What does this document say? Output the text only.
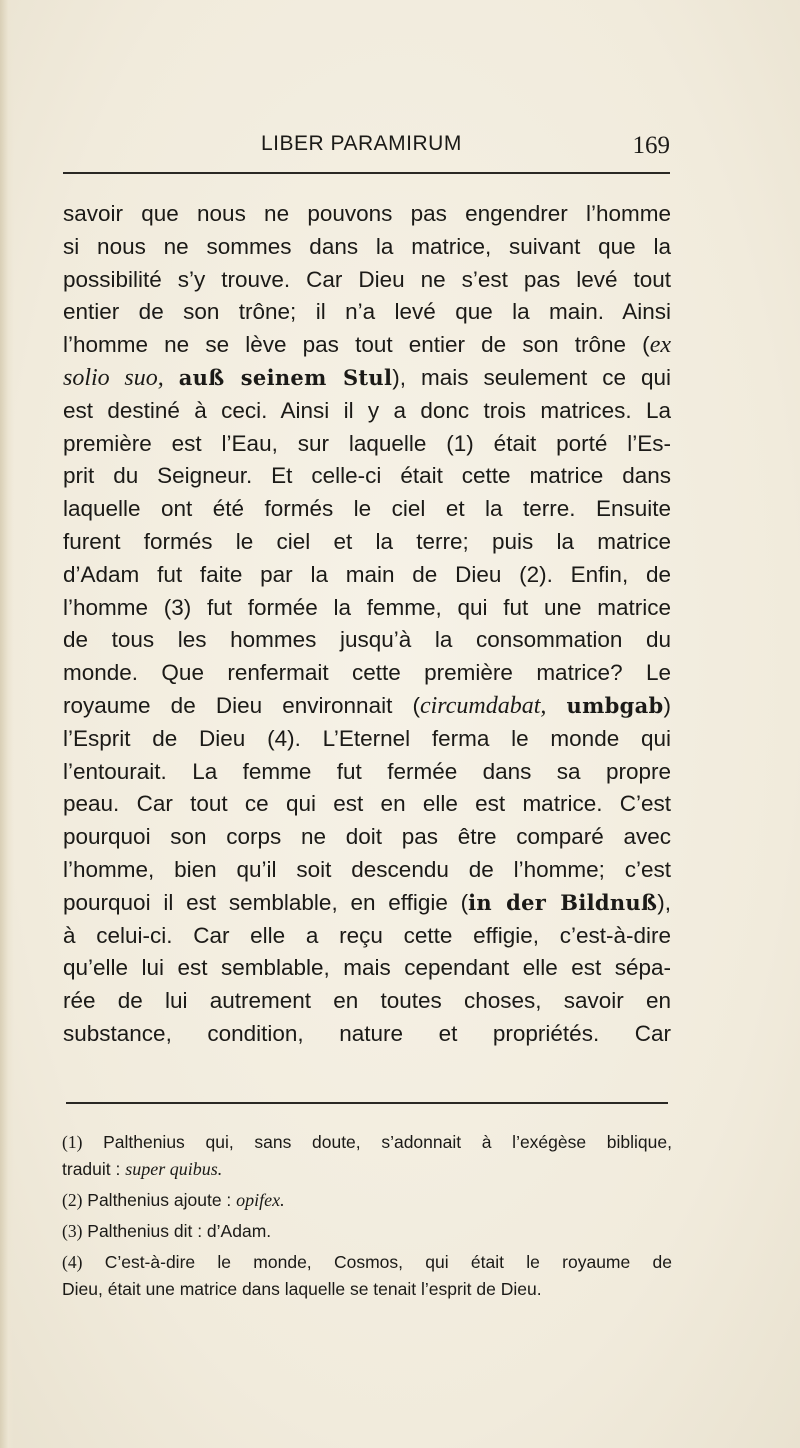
LIBER PARAMIRUM	169
savoir que nous ne pouvons pas engendrer l’homme
si nous ne sommes dans la matrice, suivant que la
possibilité s’y trouve. Car Dieu ne s’est pas levé tout
entier de son trône; il n’a levé que la main. Ainsi
l’homme ne se lève pas tout entier de son trône (ex
solio suo, auß seinem Stul), mais seulement ce qui
est destiné à ceci. Ainsi il y a donc trois matrices. La
première est l’Eau, sur laquelle (1) était porté l’Es-
prit du Seigneur. Et celle-ci était cette matrice dans
laquelle ont été formés le ciel et la terre. Ensuite
furent formés le ciel et la terre; puis la matrice
d’Adam fut faite par la main de Dieu (2). Enfin, de
l’homme (3) fut formée la femme, qui fut une matrice
de tous les hommes jusqu’à la consommation du
monde. Que renfermait cette première matrice? Le
royaume de Dieu environnait (circumdabat, umbgab)
l’Esprit de Dieu (4). L’Eternel ferma le monde qui
l’entourait. La femme fut fermée dans sa propre
peau. Car tout ce qui est en elle est matrice. C’est
pourquoi son corps ne doit pas être comparé avec
l’homme, bien qu’il soit descendu de l’homme; c’est
pourquoi il est semblable, en effigie (in der Bildnuß),
à celui-ci. Car elle a reçu cette effigie, c’est-à-dire
qu’elle lui est semblable, mais cependant elle est sépa-
rée de lui autrement en toutes choses, savoir en
substance, condition, nature et propriétés. Car
(1) Palthenius qui, sans doute, s’adonnait à l’exégèse biblique,
traduit : super quibus.
(2) Palthenius ajoute : opifex.
(3) Palthenius dit : d’Adam.
(4) C’est-à-dire le monde, Cosmos, qui était le royaume de
Dieu, était une matrice dans laquelle se tenait l’esprit de Dieu.
